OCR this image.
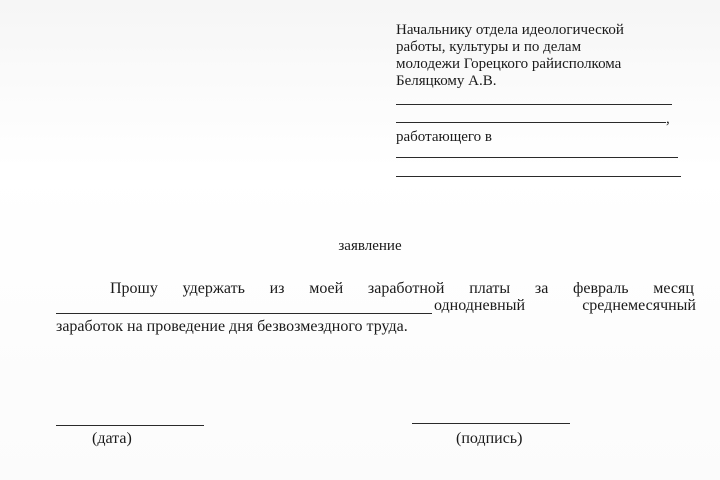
Начальнику отдела идеологической
работы, культуры и по делам
молодежи Горецкого райисполкома
Беляцкому А.В.
,
работающего в
заявление
Прошу удержать из моей заработной платы за февраль месяц
однодневный	среднемесячный
заработок на проведение дня безвозмездного труда.
(дата)	(подпись)
